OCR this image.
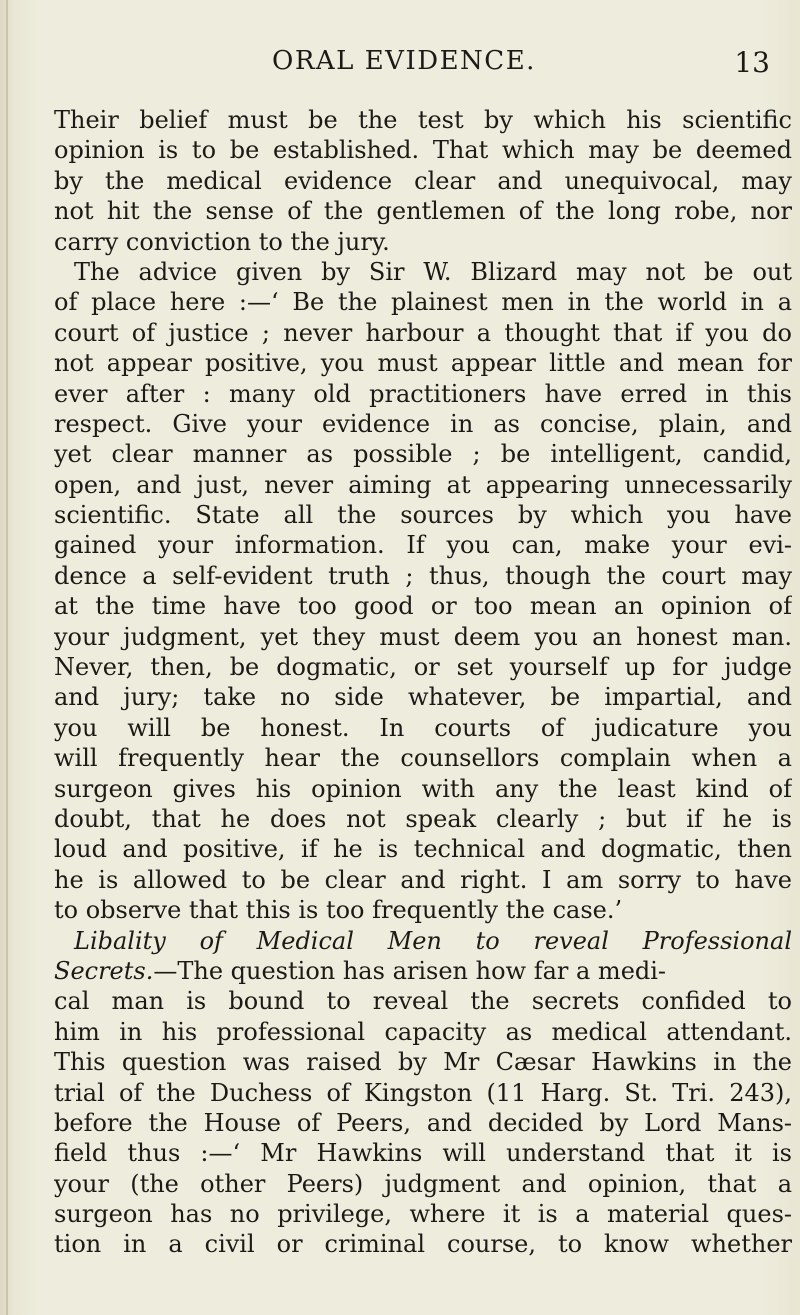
ORAL EVIDENCE.	13
Their belief must be the test by which his scientific
opinion is to be established. That which may be deemed
by the medical evidence clear and unequivocal, may
not hit the sense of the gentlemen of the long robe, nor
carry conviction to the jury.
The advice given by Sir W. Blizard may not be out
of place here :—‘ Be the plainest men in the world in a
court of justice ; never harbour a thought that if you do
not appear positive, you must appear little and mean for
ever after : many old practitioners have erred in this
respect. Give your evidence in as concise, plain, and
yet clear manner as possible ; be intelligent, candid,
open, and just, never aiming at appearing unnecessarily
scientific. State all the sources by which you have
gained your information. If you can, make your evi-
dence a self-evident truth ; thus, though the court may
at the time have too good or too mean an opinion of
your judgment, yet they must deem you an honest man.
Never, then, be dogmatic, or set yourself up for judge
and jury; take no side whatever, be impartial, and
you will be honest. In courts of judicature you
will frequently hear the counsellors complain when a
surgeon gives his opinion with any the least kind of
doubt, that he does not speak clearly ; but if he is
loud and positive, if he is technical and dogmatic, then
he is allowed to be clear and right. I am sorry to have
to observe that this is too frequently the case.’
Libality of Medical Men to reveal Professional
Secrets.—The question has arisen how far a medi-
cal man is bound to reveal the secrets confided to
him in his professional capacity as medical attendant.
This question was raised by Mr Cæsar Hawkins in the
trial of the Duchess of Kingston (11 Harg. St. Tri. 243),
before the House of Peers, and decided by Lord Mans-
field thus :—‘ Mr Hawkins will understand that it is
your (the other Peers) judgment and opinion, that a
surgeon has no privilege, where it is a material ques-
tion in a civil or criminal course, to know whether
